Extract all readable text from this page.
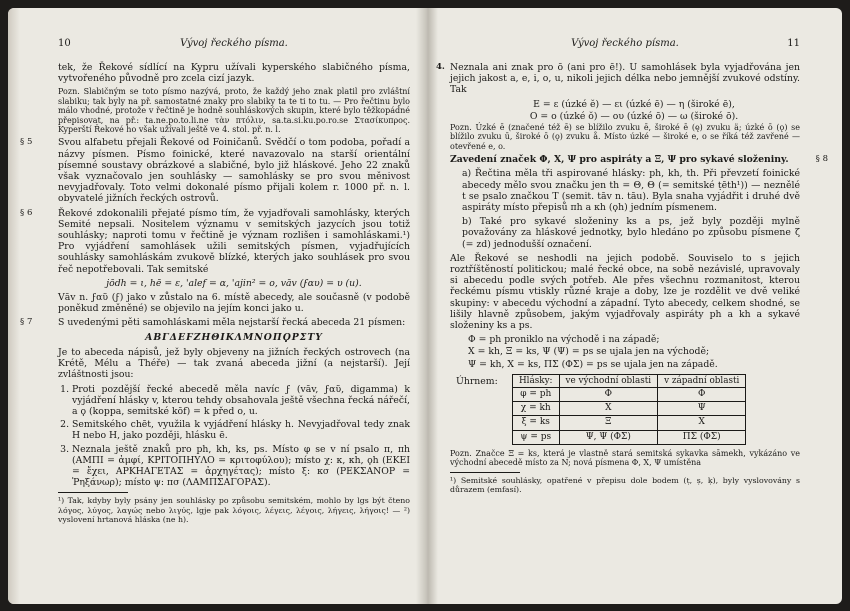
10	Vývoj řeckého písma.

tek, že Řekové sídlící na Kypru užívali kyperského slabičného písma, vytvořeného původně pro zcela cizí jazyk.

Pozn. Slabičným se toto písmo nazývá, proto, že každý jeho znak platil pro zvláštní slabiku; tak byly na př. samostatné znaky pro slabiky ta te ti to tu. — Pro řečtinu bylo málo vhodné, protože v řečtině je hodně souhláskových skupin, které bylo těžkopádné přepisovat, na př.: ta.ne.po.to.li.ne τὰν πτόλιν, sa.ta.si.ku.po.ro.se Στασίκυπρος. Kyperští Řekové ho však užívali ještě ve 4. stol. př. n. l.

§ 5	Svou alfabetu přejali Řekové od Foiničanů. Svědčí o tom podoba, pořadí a názvy písmen. Písmo foinické, které navazovalo na starší orientální písemné soustavy obrázkové a slabičné, bylo již hláskové. Jeho 22 znaků však vyznačovalo jen souhlásky — samohlásky se pro svou měnivost nevyjadřovaly. Toto velmi dokonalé písmo přijali kolem r. 1000 př. n. l. obyvatelé jižních řeckých ostrovů.

§ 6	Řekové zdokonalili přejaté písmo tím, že vyjadřovali samohlásky, kterých Semité nepsali. Nositelem významu v semitských jazycích jsou totiž souhlásky; naproti tomu v řečtině je význam rozlišen i samohláskami.¹) Pro vyjádření samohlásek užili semitských písmen, vyjadřujících souhlásky samohláskám zvukově blízké, kterých jako souhlásek pro svou řeč nepotřebovali. Tak semitské

jōdh = ι, hē = ε, 'alef = α, 'ajin² = ο, vāv (ϝαυ) = υ (u).

Vāv n. ϝαῦ (ϝ) jako v zůstalo na 6. místě abecedy, ale současně (v podobě poněkud změněné) se objevilo na jejím konci jako u.

§ 7	S uvedenými pěti samohláskami měla nejstarší řecká abeceda 21 písmen:

ΑΒΓΔΕϜΖΗΘΙΚΛΜΝΟΠϘΡΣΤΥ

Je to abeceda nápisů, jež byly objeveny na jižních řeckých ostrovech (na Krétě, Mélu a Théře) — tak zvaná abeceda jižní (a nejstarší). Její zvláštnosti jsou:

1. Proti pozdější řecké abecedě měla navíc ϝ (vāv, ϝαῦ, digamma) k vyjádření hlásky v, kterou tehdy obsahovala ještě všechna řecká nářečí, a ϙ (koppa, semitské kōf) = k před o, u.
2. Semitského chēt, využila k vyjádření hlásky h. Nevyjadřoval tedy znak H nebo H, jako později, hlásku ē.
3. Neznala ještě znaků pro ph, kh, ks, ps. Místo φ se v ní psalo π, πh (ΑΜΠΙ = ἀμφί, ΚΡΙΤΟΠΗΥΛΟ = κριτοφύλου); místo χ: κ, κh, ϙh (ΕΚΕΙ = ἔχει, ΑΡΚΗΑΓΕΤΑΣ = ἀρχηγέτας); místo ξ: κσ (ΡΕΚΣΑΝΟΡ = Ῥηξάνωρ); místo ψ: πσ (ΛΑΜΠΣΑΓΟΡΑΣ).

¹) Tak, kdyby byly psány jen souhlásky po způsobu semitském, mohlo by lgs být čteno λόγος, λύγος, λαγώς nebo λιγύς, lgje pak λόγοις, λέγεις, λέγοις, λήγεις, λήγοις! — ²) vyslovení hrtanová hláska (ne h).

Vývoj řeckého písma.	11
4. Neznala ani znak pro ō (ani pro ē!). U samohlásek byla vyjadřována jen jejich jakost a, e, i, o, u, nikoli jejich délka nebo jemnější zvukové odstíny. Tak

E = ε (úzké ĕ) — ει (úzké ē) — η (široké ē),

O = ο (úzké ŏ) — ου (úzké ō) — ω (široké ō).

Pozn. Úzké ē (značené též ē) se blížilo zvuku ē, široké ē (ę) zvuku ä; úzké ō (ǫ) se blížilo zvuku ū, široké ō (ǫ) zvuku å. Místo úzké — široké e, o se říká též zavřené — otevřené e, o.

§ 8

Zavedení značek Φ, Χ, Ψ pro aspiráty a Ξ, Ψ pro sykavé složeniny.

a) Řečtina měla tři aspirované hlásky: ph, kh, th. Při převzetí foinické abecedy mělo svou značku jen th = Θ, Θ (= semitské ṭēth¹)) — neznělé t se psalo značkou Τ (semit. tāv n. tāu). Byla snaha vyjádřit i druhé dvě aspiráty místo přepisů πh a κh (ϙh) jedním písmenem.

b) Také pro sykavé složeniny ks a ps, jež byly později mylně považovány za hláskové jednotky, bylo hledáno po způsobu písmene ζ (= zd) jednodušší označení.

Ale Řekové se neshodli na jejich podobě. Souviselo to s jejich roztříštěností politickou; malé řecké obce, na sobě nezávislé, upravovaly si abecedu podle svých potřeb. Ale přes všechnu rozmanitost, kterou řeckému písmu vtiskly různé kraje a doby, lze je rozdělit ve dvě veliké skupiny: v abecedu východní a západní. Tyto abecedy, celkem shodné, se lišily hlavně způsobem, jakým vyjadřovaly aspiráty ph a kh a sykavé složeniny ks a ps.

Φ = ph proniklo na východě i na západě;

Χ = kh, Ξ = ks, Ψ (Ψ) = ps se ujala jen na východě;

Ψ = kh, Χ = ks, ΠΣ (ΦΣ) = ps se ujala jen na západě.

Úhrnem: Hlásky:	ve východní oblasti	v západní oblasti
φ = ph	Φ	Φ
χ = kh	Χ	Ψ
ξ = ks	Ξ	Χ
ψ = ps	Ψ, Ψ (ΦΣ)	ΠΣ (ΦΣ)

Pozn. Značce Ξ = ks, která je vlastně stará semitská sykavka sāmekh, vykázáno ve východní abecedě místo za N; nová písmena Φ, Χ, Ψ umístěna

¹) Semitské souhlásky, opatřené v přepisu dole bodem (ṭ, ṣ, ḳ), byly vyslovovány s důrazem (emfasí).
